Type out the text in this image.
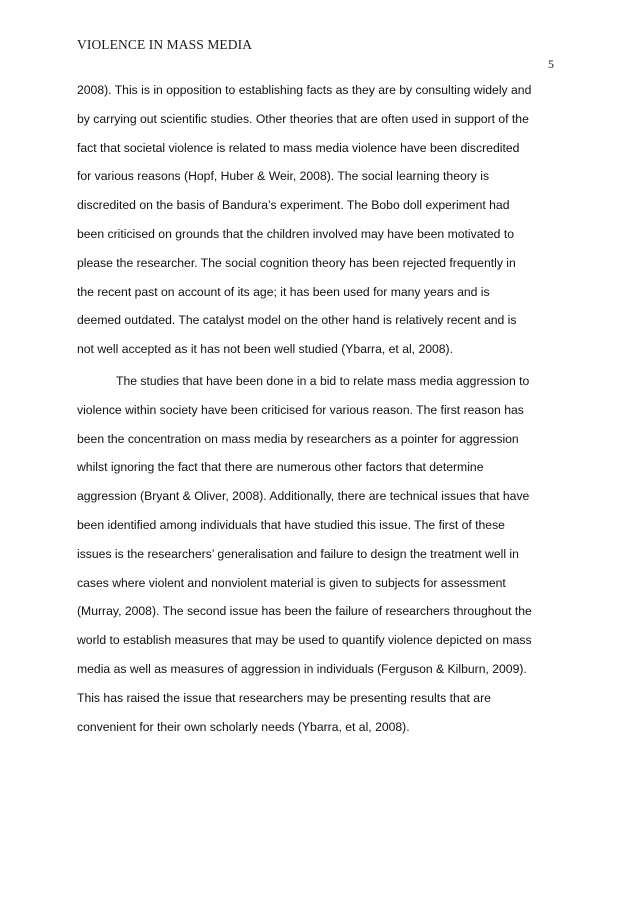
VIOLENCE IN MASS MEDIA

5

2008). This is in opposition to establishing facts as they are by consulting widely and
by carrying out scientific studies. Other theories that are often used in support of the
fact that societal violence is related to mass media violence have been discredited
for various reasons (Hopf, Huber & Weir, 2008). The social learning theory is
discredited on the basis of Bandura’s experiment. The Bobo doll experiment had
been criticised on grounds that the children involved may have been motivated to
please the researcher. The social cognition theory has been rejected frequently in
the recent past on account of its age; it has been used for many years and is
deemed outdated. The catalyst model on the other hand is relatively recent and is
not well accepted as it has not been well studied (Ybarra, et al, 2008).

The studies that have been done in a bid to relate mass media aggression to
violence within society have been criticised for various reason. The first reason has
been the concentration on mass media by researchers as a pointer for aggression
whilst ignoring the fact that there are numerous other factors that determine
aggression (Bryant & Oliver, 2008). Additionally, there are technical issues that have
been identified among individuals that have studied this issue. The first of these
issues is the researchers’ generalisation and failure to design the treatment well in
cases where violent and nonviolent material is given to subjects for assessment
(Murray, 2008). The second issue has been the failure of researchers throughout the
world to establish measures that may be used to quantify violence depicted on mass
media as well as measures of aggression in individuals (Ferguson & Kilburn, 2009).
This has raised the issue that researchers may be presenting results that are
convenient for their own scholarly needs (Ybarra, et al, 2008).
